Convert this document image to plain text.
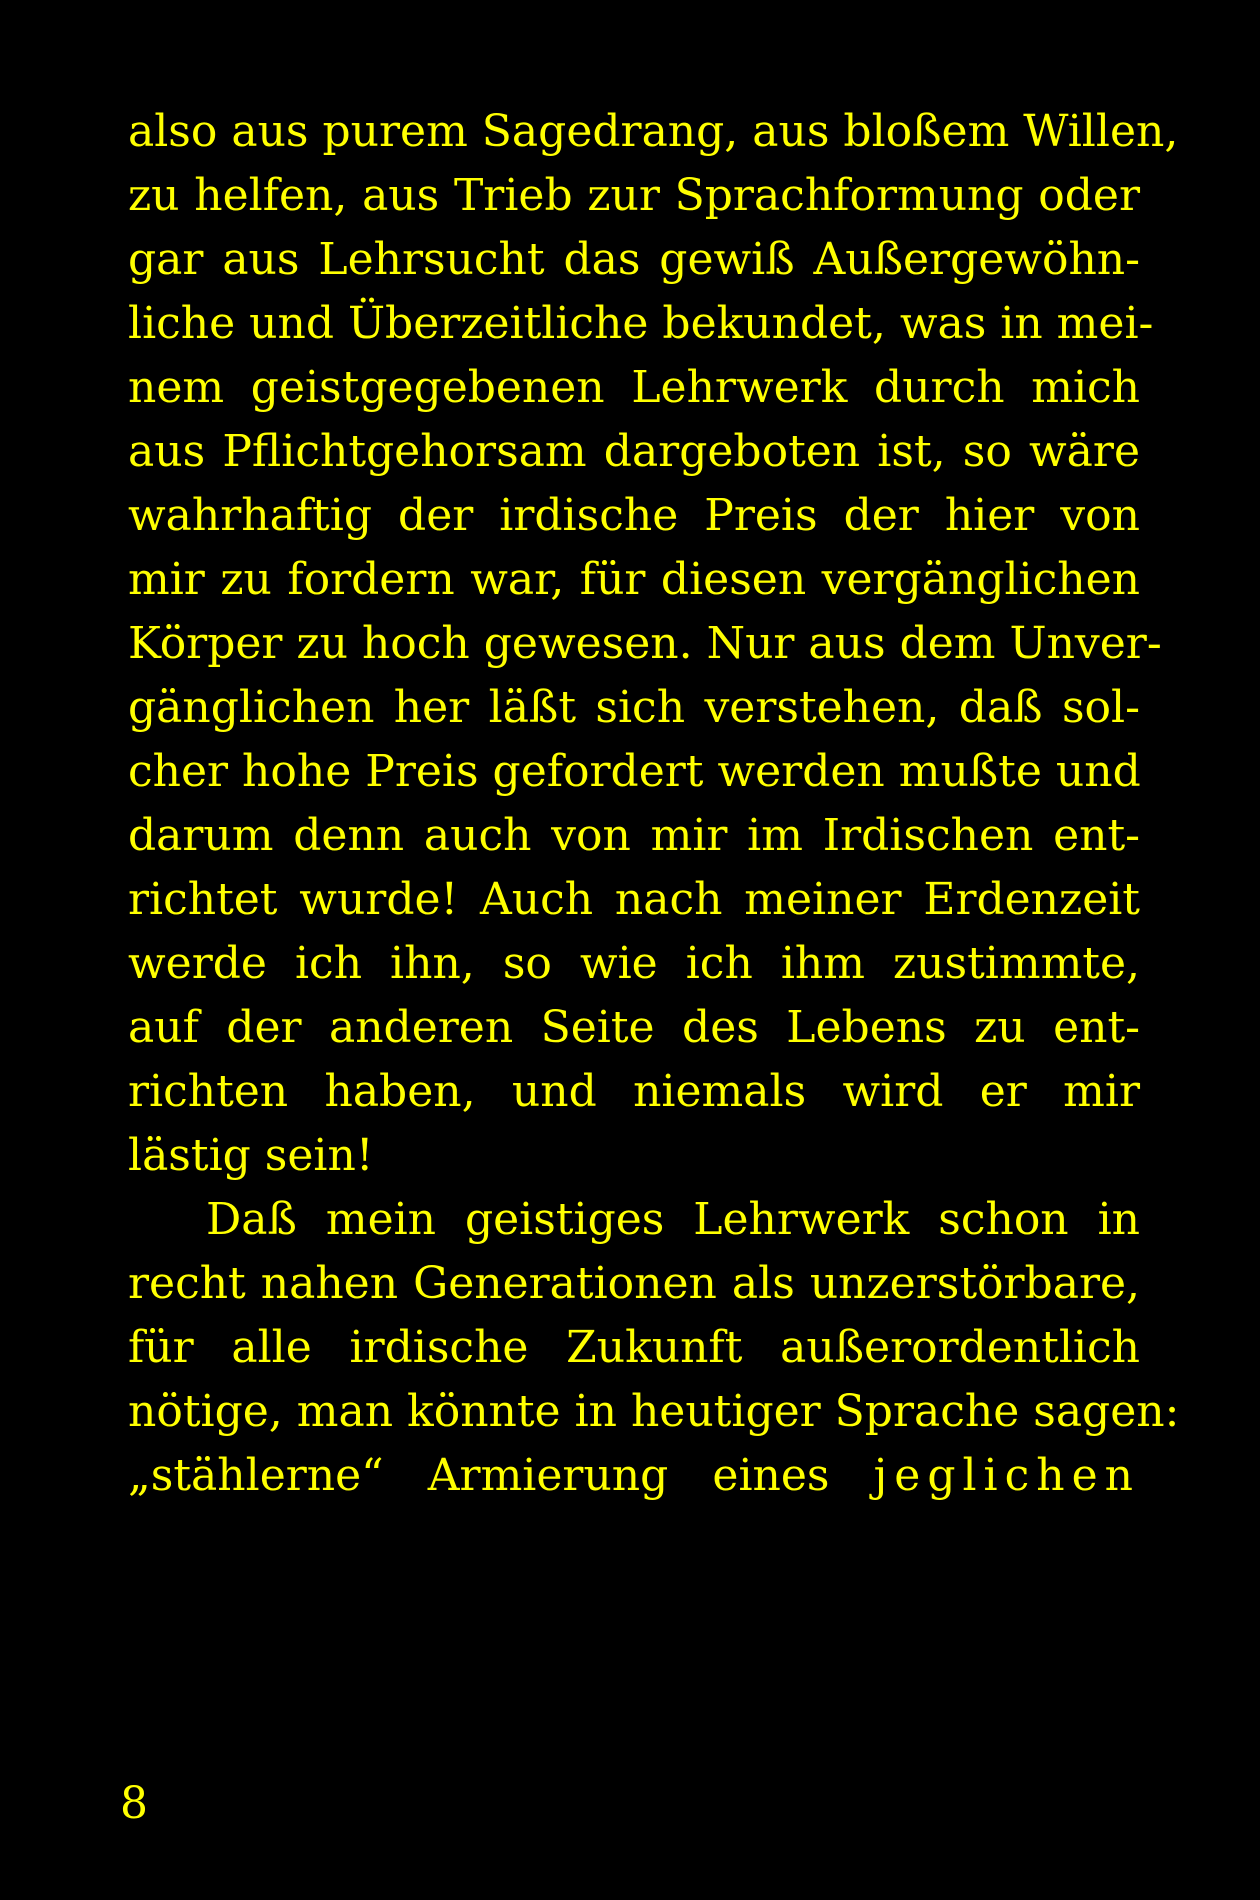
also aus purem Sagedrang, aus bloßem Willen,
zu helfen, aus Trieb zur Sprachformung oder
gar aus Lehrsucht das gewiß Außergewöhn-
liche und Überzeitliche bekundet, was in mei-
nem geistgegebenen Lehrwerk durch mich
aus Pflichtgehorsam dargeboten ist, so wäre
wahrhaftig der irdische Preis der hier von
mir zu fordern war, für diesen vergänglichen
Körper zu hoch gewesen. Nur aus dem Unver-
gänglichen her läßt sich verstehen, daß sol-
cher hohe Preis gefordert werden mußte und
darum denn auch von mir im Irdischen ent-
richtet wurde! Auch nach meiner Erdenzeit
werde ich ihn, so wie ich ihm zustimmte,
auf der anderen Seite des Lebens zu ent-
richten haben, und niemals wird er mir
lästig sein!
Daß mein geistiges Lehrwerk schon in
recht nahen Generationen als unzerstörbare,
für alle irdische Zukunft außerordentlich
nötige, man könnte in heutiger Sprache sagen:
„stählerne“ Armierung eines jeglichen
8
